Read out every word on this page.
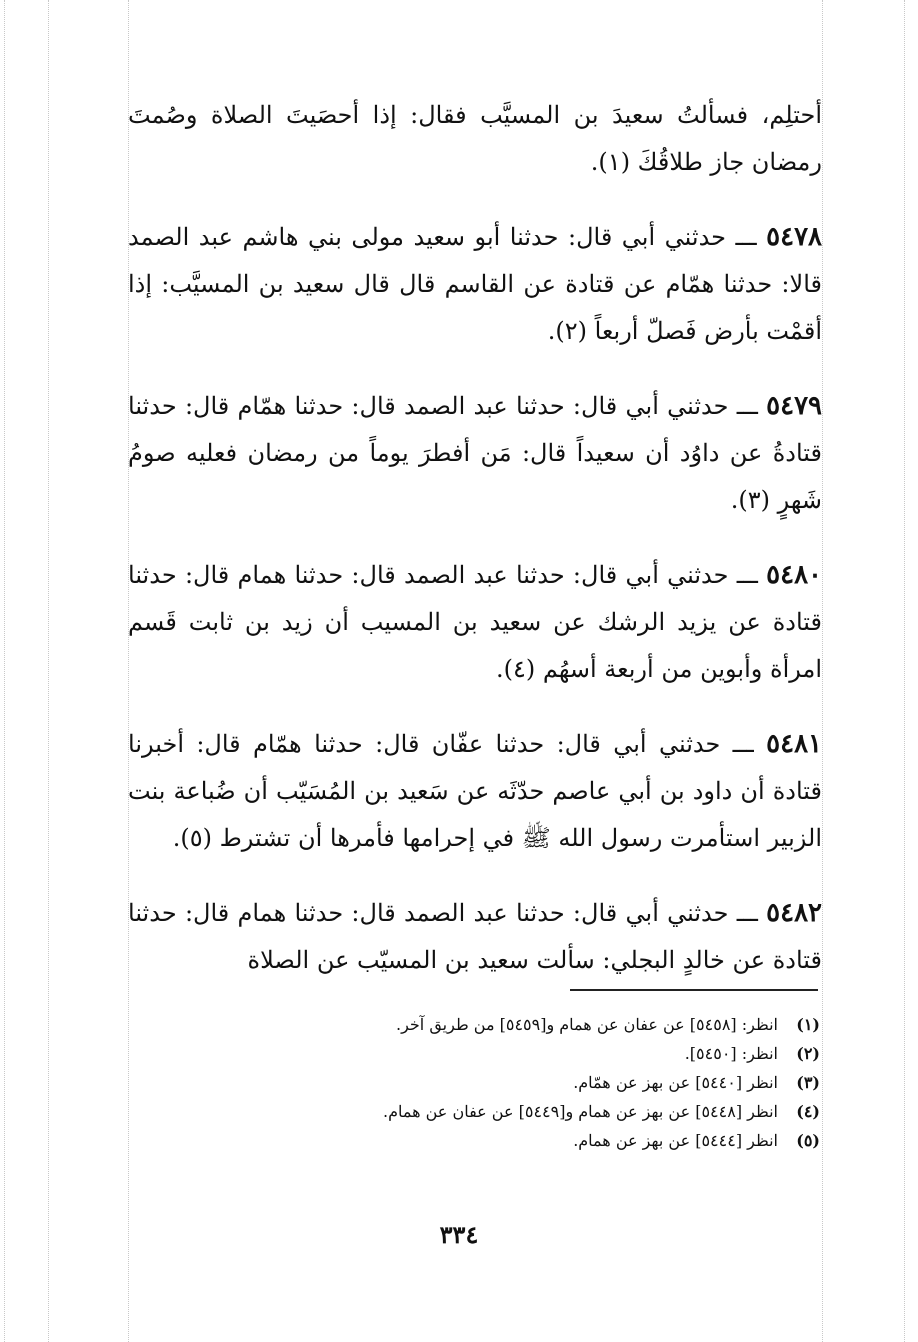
أحتلِم، فسألتُ سعيدَ بن المسيَّب فقال: إذا أحصَيتَ الصلاة وصُمتَ رمضان جاز طلاقُكَ (١).

٥٤٧٨ ـــ حدثني أبي قال: حدثنا أبو سعيد مولى بني هاشم عبد الصمد قالا: حدثنا همّام عن قتادة عن القاسم قال قال سعيد بن المسيَّب: إذا أقمْت بأرض فَصلّ أربعاً (٢).

٥٤٧٩ ـــ حدثني أبي قال: حدثنا عبد الصمد قال: حدثنا همّام قال: حدثنا قتادةُ عن داوُد أن سعيداً قال: مَن أفطرَ يوماً من رمضان فعليه صومُ شَهرٍ (٣).

٥٤٨٠ ـــ حدثني أبي قال: حدثنا عبد الصمد قال: حدثنا همام قال: حدثنا قتادة عن يزيد الرشك عن سعيد بن المسيب أن زيد بن ثابت قَسم امرأة وأبوين من أربعة أسهُم (٤).

٥٤٨١ ـــ حدثني أبي قال: حدثنا عفّان قال: حدثنا همّام قال: أخبرنا قتادة أن داود بن أبي عاصم حدّثَه عن سَعيد بن المُسَيّب أن ضُباعة بنت الزبير استأمرت رسول الله ﷺ في إحرامها فأمرها أن تشترط (٥).

٥٤٨٢ ـــ حدثني أبي قال: حدثنا عبد الصمد قال: حدثنا همام قال: حدثنا قتادة عن خالدٍ البجلي: سألت سعيد بن المسيّب عن الصلاة

(١)انظر: [٥٤٥٨] عن عفان عن همام و[٥٤٥٩] من طريق آخر.
(٢)انظر: [٥٤٥٠].
(٣)انظر [٥٤٤٠] عن بهز عن همّام.
(٤)انظر [٥٤٤٨] عن بهز عن همام و[٥٤٤٩] عن عفان عن همام.
(٥)انظر [٥٤٤٤] عن بهز عن همام.
٣٣٤
